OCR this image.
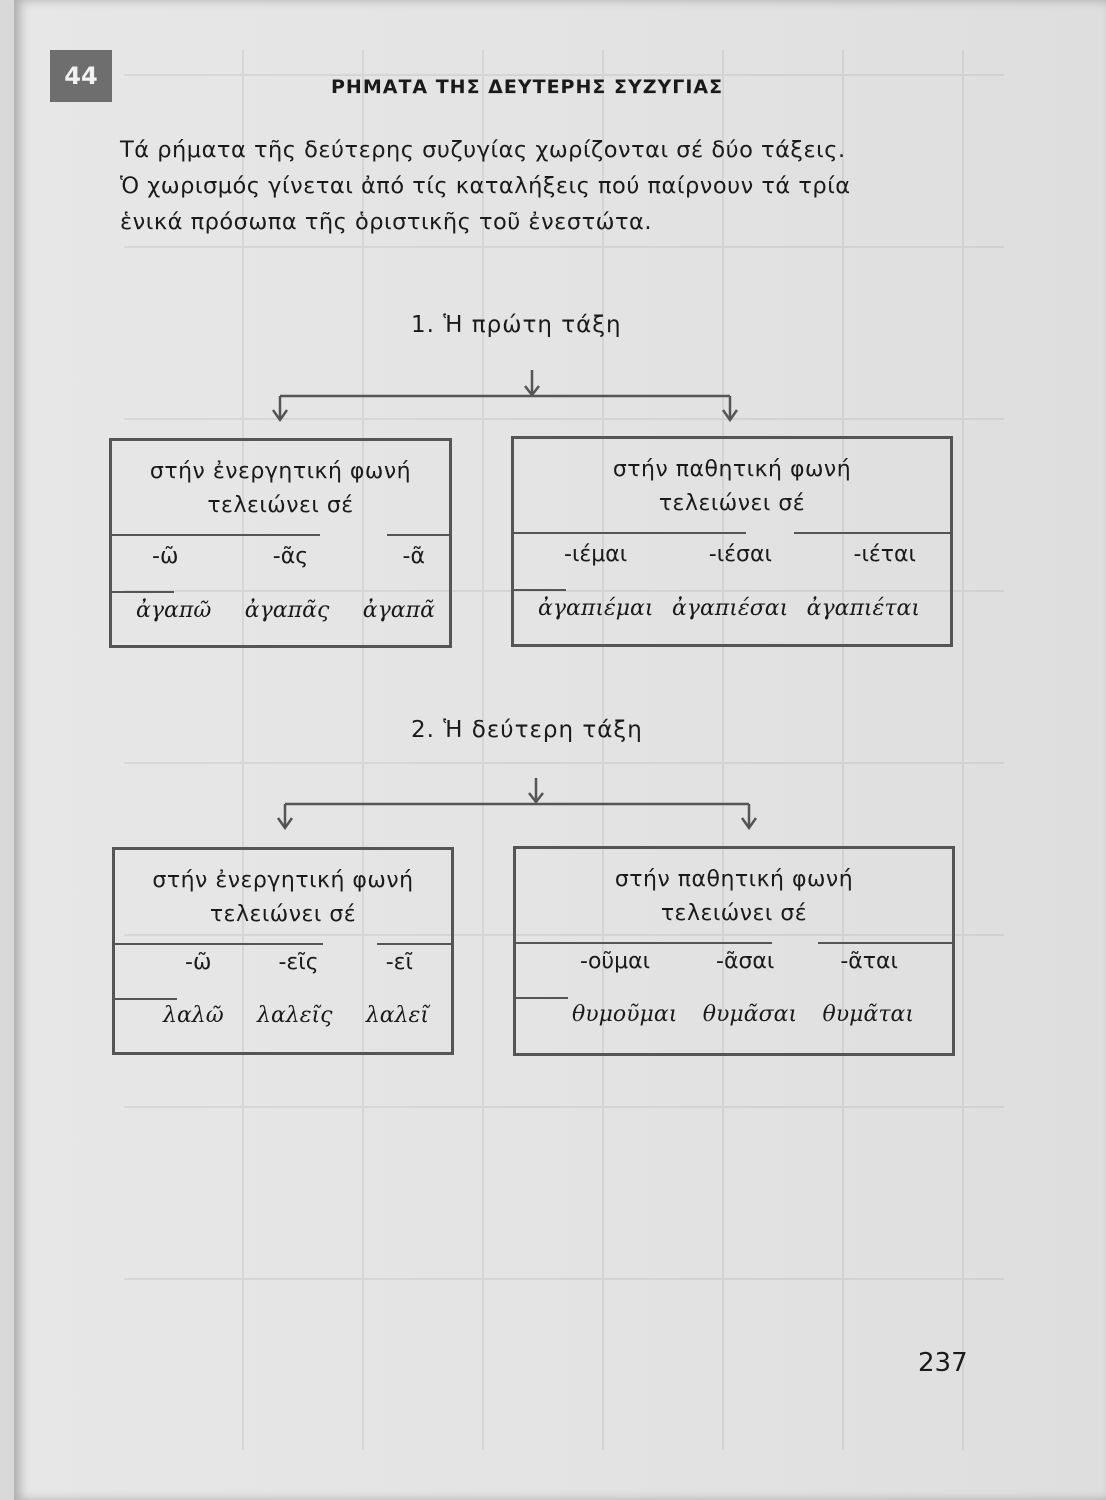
44	ΡΗΜΑΤΑ ΤΗΣ ΔΕΥΤΕΡΗΣ ΣΥΖΥΓΙΑΣ

Τά ρήματα τῆς δεύτερης συζυγίας χωρίζονται σέ δύο τάξεις.

Ὁ χωρισμός γίνεται ἀπό τίς καταλήξεις πού παίρνουν τά τρία

ἑνικά πρόσωπα τῆς ὁριστικῆς τοῦ ἐνεστώτα.

1. Ἡ πρώτη τάξη
στήν ἐνεργητική φωνή
τελειώνει σέ
-ῶ	-ᾶς	-ᾶ
ἀγαπῶ ἀγαπᾶς ἀγαπᾶ
στήν παθητική φωνή
τελειώνει σέ
-ιέμαι	-ιέσαι	-ιέται
ἀγαπιέμαι ἀγαπιέσαι ἀγαπιέται
2. Ἡ δεύτερη τάξη
στήν ἐνεργητική φωνή
τελειώνει σέ
-ῶ	-εῖς	-εῖ
λαλῶ λαλεῖς λαλεῖ
στήν παθητική φωνή
τελειώνει σέ
-οῦμαι	-ᾶσαι	-ᾶται
θυμοῦμαι θυμᾶσαι θυμᾶται
237
